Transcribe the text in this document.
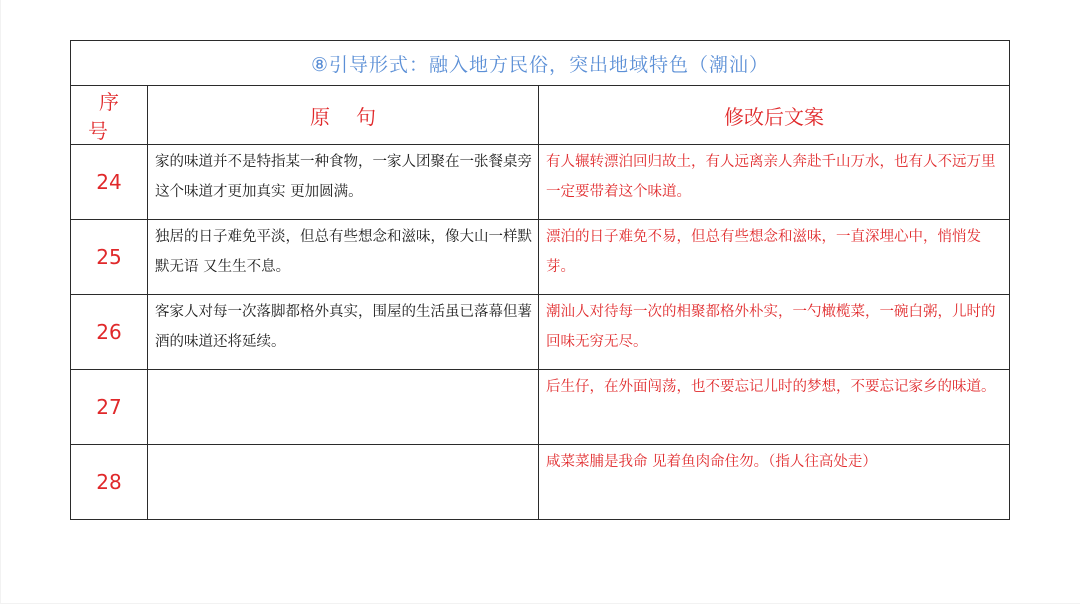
⑧引导形式：融入地方民俗，突出地域特色（潮汕）		
序号	原句	修改后文案
24	家的味道并不是特指某一种食物，一家人团聚在一张餐桌旁这个味道才更加真实 更加圆满。	有人辗转漂泊回归故土，有人远离亲人奔赴千山万水，也有人不远万里一定要带着这个味道。
25	独居的日子难免平淡，但总有些想念和滋味，像大山一样默默无语 又生生不息。	漂泊的日子难免不易，但总有些想念和滋味，一直深埋心中，悄悄发芽。
26	客家人对每一次落脚都格外真实，围屋的生活虽已落幕但薯酒的味道还将延续。	潮汕人对待每一次的相聚都格外朴实，一勺橄榄菜，一碗白粥，儿时的回味无穷无尽。
27		后生仔，在外面闯荡，也不要忘记儿时的梦想，不要忘记家乡的味道。
28		咸菜菜脯是我命 见着鱼肉命住勿。（指人往高处走）
